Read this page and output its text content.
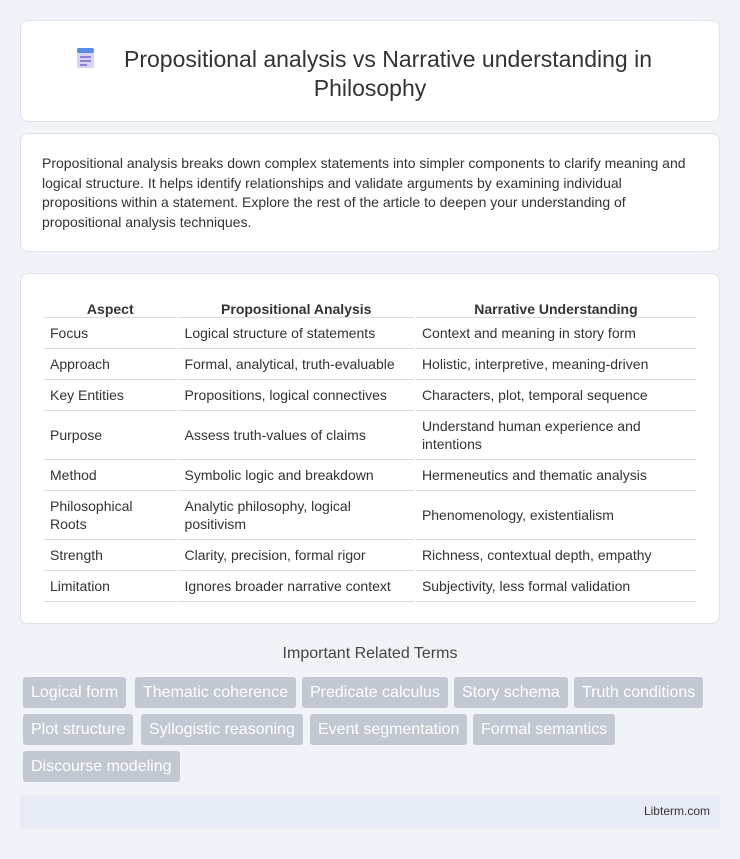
Propositional analysis vs Narrative understanding in
Philosophy

Propositional analysis breaks down complex statements into simpler components to clarify meaning and logical structure. It helps identify relationships and validate arguments by examining individual propositions within a statement. Explore the rest of the article to deepen your understanding of propositional analysis techniques.

Aspect	Propositional Analysis	Narrative Understanding
Focus	Logical structure of statements	Context and meaning in story form
Approach	Formal, analytical, truth-evaluable	Holistic, interpretive, meaning-driven
Key Entities	Propositions, logical connectives	Characters, plot, temporal sequence
Purpose	Assess truth-values of claims	Understand human experience and intentions
Method	Symbolic logic and breakdown	Hermeneutics and thematic analysis
Philosophical Roots	Analytic philosophy, logical positivism	Phenomenology, existentialism
Strength	Clarity, precision, formal rigor	Richness, contextual depth, empathy
Limitation	Ignores broader narrative context	Subjectivity, less formal validation
Important Related Terms
Logical form	Thematic coherence	Predicate calculus	Story schema	Truth conditions
Plot structure	Syllogistic reasoning	Event segmentation	Formal semantics
Discourse modeling
Libterm.com
